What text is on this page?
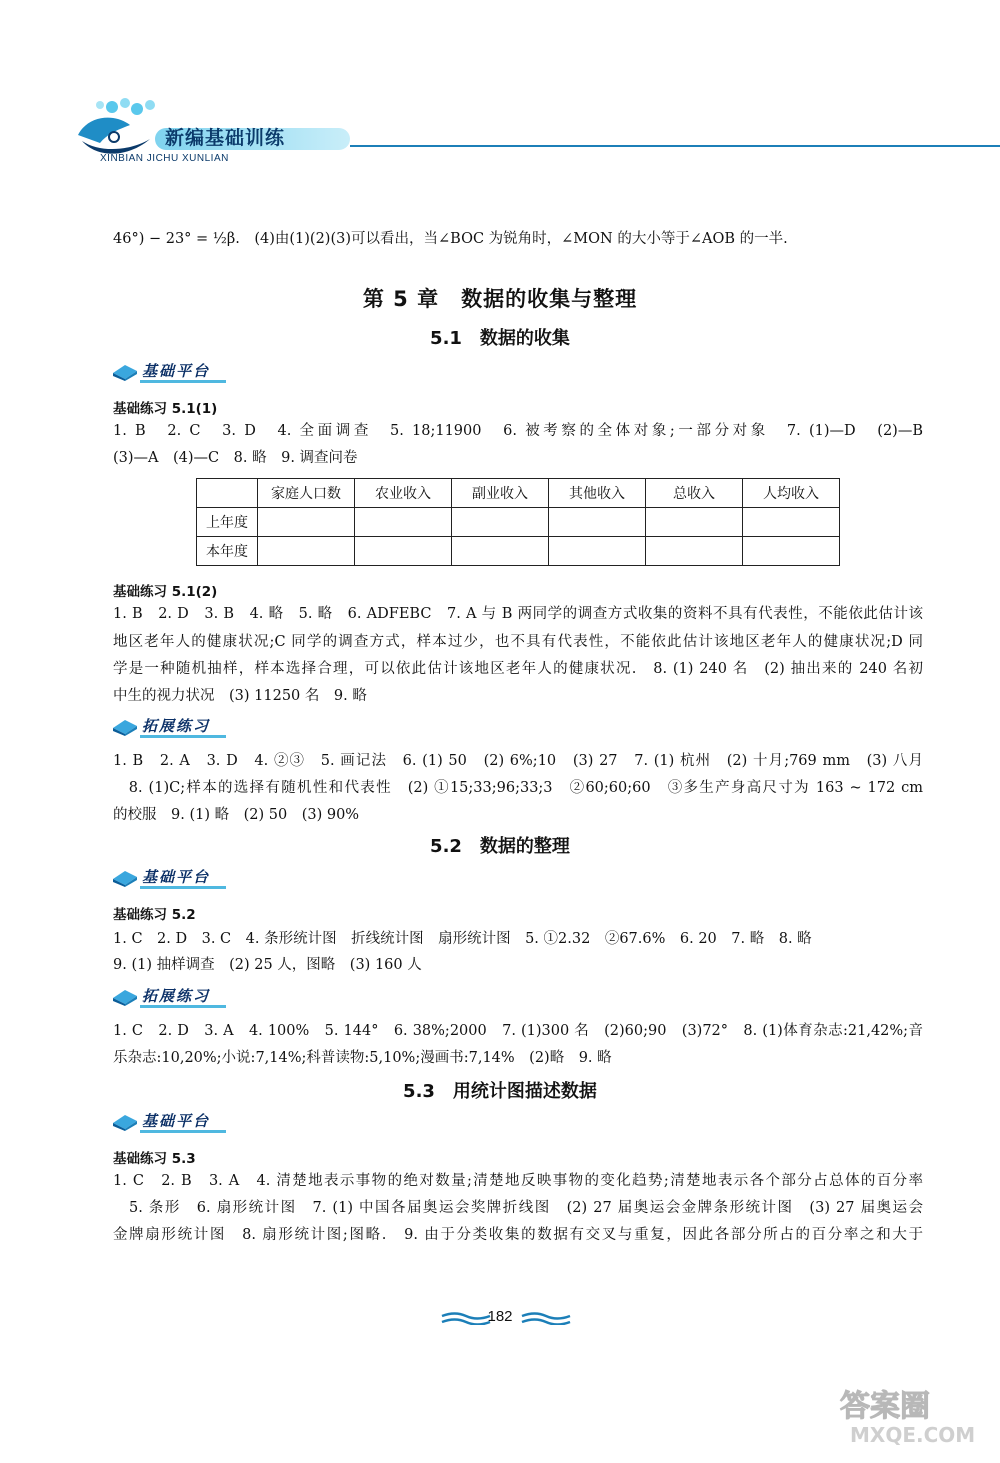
新编基础训练
XINBIAN JICHU XUNLIAN
46°) − 23° = ½β.　(4)由(1)(2)(3)可以看出，当∠BOC 为锐角时，∠MON 的大小等于∠AOB 的一半.
第 5 章　数据的收集与整理
5.1　数据的收集
基础平台
基础练习 5.1(1)
1. B　2. C　3. D　4. 全面调查　5. 18;11900　6. 被考察的全体对象;一部分对象　7. (1)—D　(2)—B
(3)—A　(4)—C　8. 略　9. 调查问卷
	家庭人口数	农业收入	副业收入	其他收入	总收入	人均收入
上年度						
本年度						
基础练习 5.1(2)
1. B　2. D　3. B　4. 略　5. 略　6. ADFEBC　7. A 与 B 两同学的调查方式收集的资料不具有代表性，不能依此估计该
地区老年人的健康状况;C 同学的调查方式，样本过少，也不具有代表性，不能依此估计该地区老年人的健康状况;D 同
学是一种随机抽样，样本选择合理，可以依此估计该地区老年人的健康状况.　8. (1) 240 名　(2) 抽出来的 240 名初
中生的视力状况　(3) 11250 名　9. 略
拓展练习
1. B　2. A　3. D　4. ②③　5. 画记法　6. (1) 50　(2) 6%;10　(3) 27　7. (1) 杭州　(2) 十月;769 mm　(3) 八月
　8. (1)C;样本的选择有随机性和代表性　(2) ①15;33;96;33;3　②60;60;60　③多生产身高尺寸为 163 ~ 172 cm
的校服　9. (1) 略　(2) 50　(3) 90%
5.2　数据的整理
基础平台
基础练习 5.2
1. C　2. D　3. C　4. 条形统计图　折线统计图　扇形统计图　5. ①2.32　②67.6%　6. 20　7. 略　8. 略
9. (1) 抽样调查　(2) 25 人，图略　(3) 160 人
拓展练习
1. C　2. D　3. A　4. 100%　5. 144°　6. 38%;2000　7. (1)300 名　(2)60;90　(3)72°　8. (1)体育杂志:21,42%;音
乐杂志:10,20%;小说:7,14%;科普读物:5,10%;漫画书:7,14%　(2)略　9. 略
5.3　用统计图描述数据
基础平台
基础练习 5.3
1. C　2. B　3. A　4. 清楚地表示事物的绝对数量;清楚地反映事物的变化趋势;清楚地表示各个部分占总体的百分率
　5. 条形　6. 扇形统计图　7. (1) 中国各届奥运会奖牌折线图　(2) 27 届奥运会金牌条形统计图　(3) 27 届奥运会
金牌扇形统计图　8. 扇形统计图;图略.　9. 由于分类收集的数据有交叉与重复，因此各部分所占的百分率之和大于
182
答案圈
MXQE.COM
